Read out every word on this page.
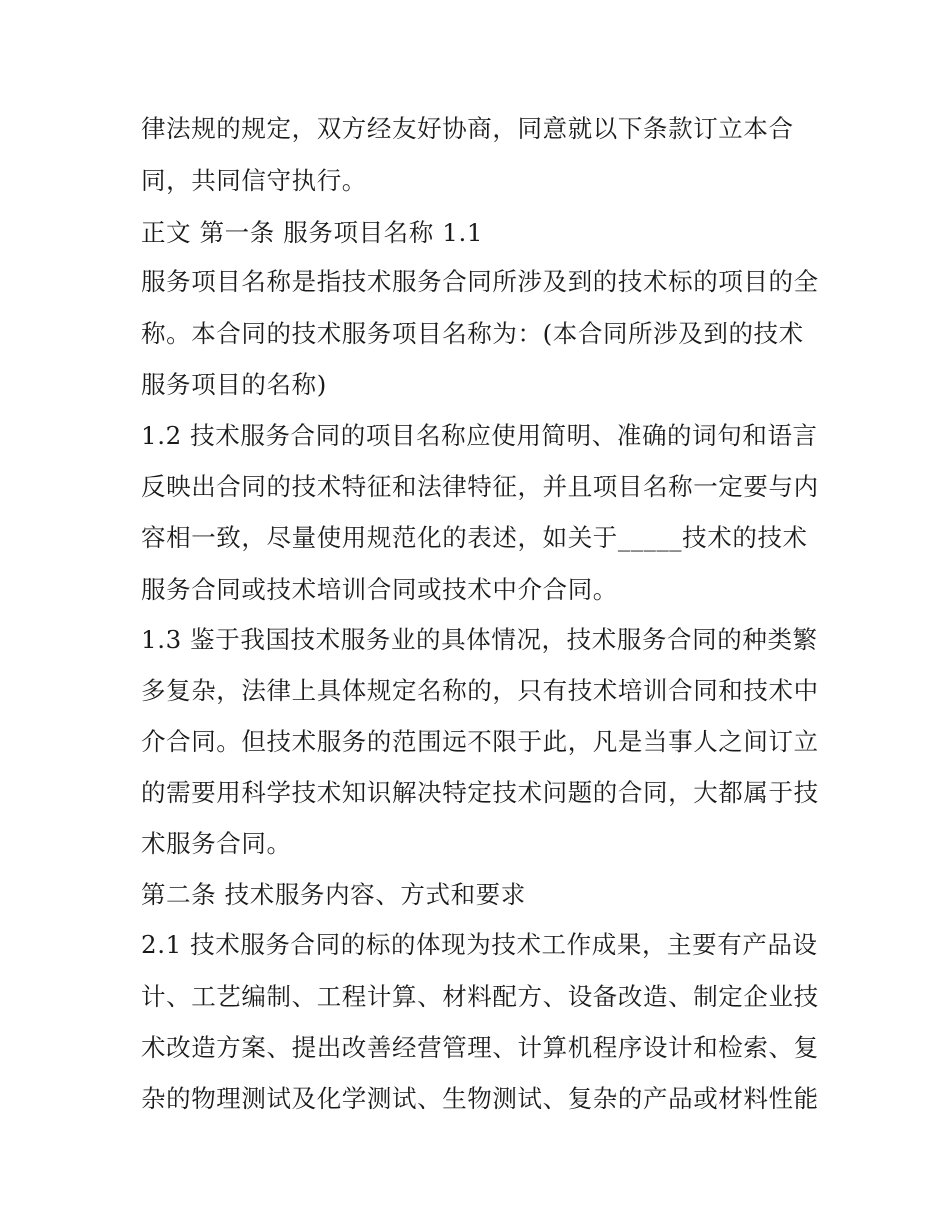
律法规的规定，双方经友好协商，同意就以下条款订立本合
同，共同信守执行。
正文 第一条 服务项目名称 1.1
服务项目名称是指技术服务合同所涉及到的技术标的项目的全
称。本合同的技术服务项目名称为：(本合同所涉及到的技术
服务项目的名称)
1.2 技术服务合同的项目名称应使用简明、准确的词句和语言
反映出合同的技术特征和法律特征，并且项目名称一定要与内
容相一致，尽量使用规范化的表述，如关于_____技术的技术
服务合同或技术培训合同或技术中介合同。
1.3 鉴于我国技术服务业的具体情况，技术服务合同的种类繁
多复杂，法律上具体规定名称的，只有技术培训合同和技术中
介合同。但技术服务的范围远不限于此，凡是当事人之间订立
的需要用科学技术知识解决特定技术问题的合同，大都属于技
术服务合同。
第二条 技术服务内容、方式和要求
2.1 技术服务合同的标的体现为技术工作成果，主要有产品设
计、工艺编制、工程计算、材料配方、设备改造、制定企业技
术改造方案、提出改善经营管理、计算机程序设计和检索、复
杂的物理测试及化学测试、生物测试、复杂的产品或材料性能
